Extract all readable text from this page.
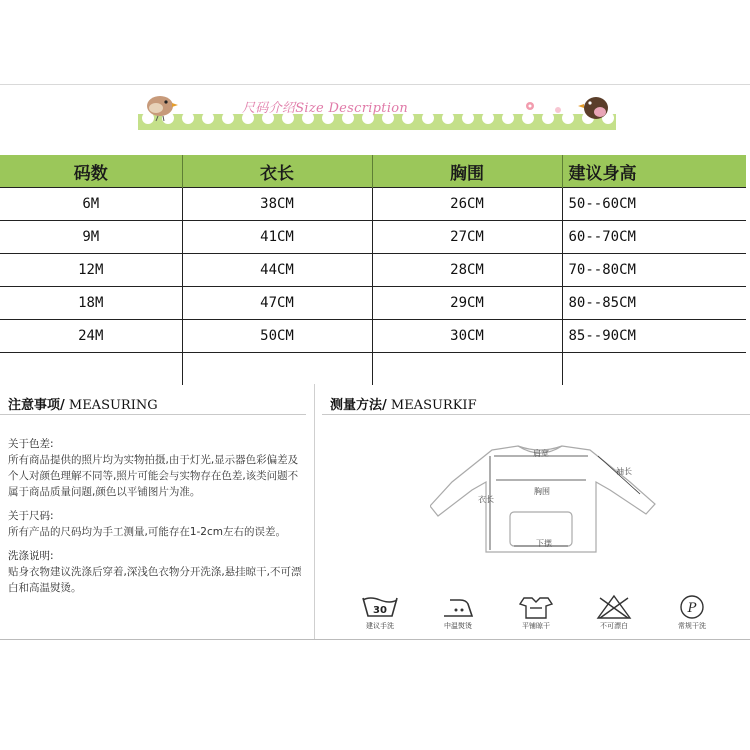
尺码介绍Size Description
码数	衣长	胸围	建议身高
6M	38CM	26CM	50--60CM
9M	41CM	27CM	60--70CM
12M	44CM	28CM	70--80CM
18M	47CM	29CM	80--85CM
24M	50CM	30CM	85--90CM

注意事项/ MEASURING	测量方法/ MEASURKIF

关于色差:
所有商品提供的照片均为实物拍摄,由于灯光,显示器色彩偏差及个人对颜色理解不同等,照片可能会与实物存在色差,该类问题不属于商品质量问题,颜色以平铺图片为准。

关于尺码:
所有产品的尺码均为手工测量,可能存在1-2cm左右的误差。

洗涤说明:
贴身衣物建议洗涤后穿着,深浅色衣物分开洗涤,悬挂晾干,不可漂白和高温熨烫。

30
建议手洗	中温熨烫	平铺晾干	不可漂白
P
常规干洗
肩宽
袖长
衣长
胸围
下摆
